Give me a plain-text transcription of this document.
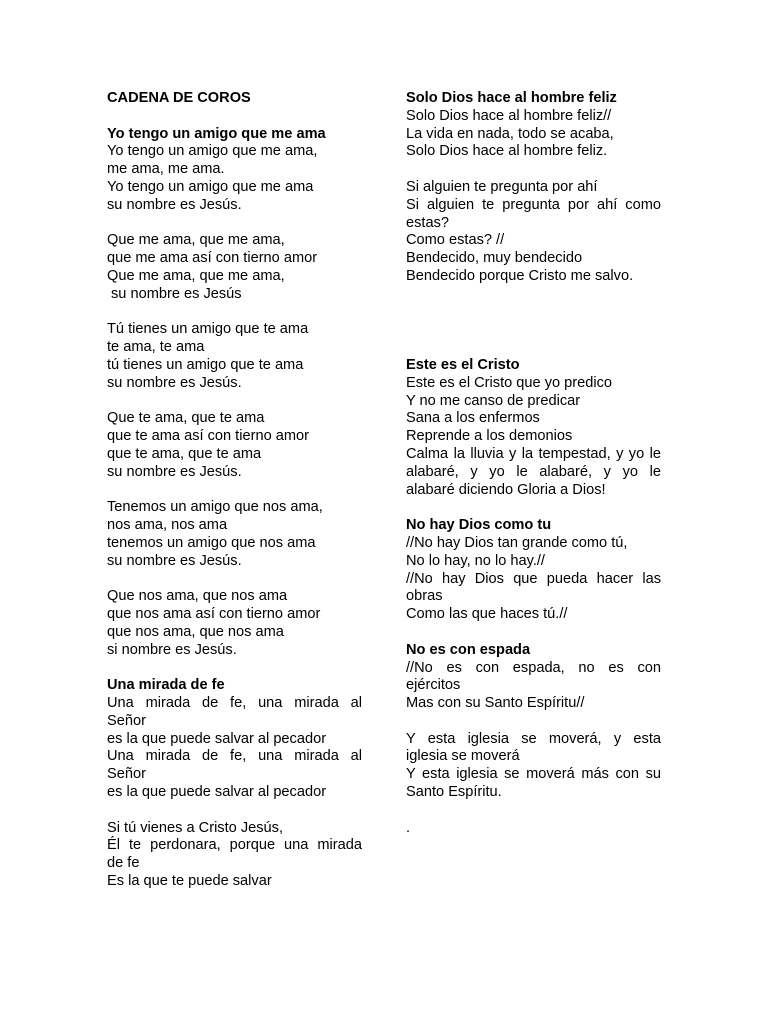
CADENA DE COROS
Yo tengo un amigo que me ama
Yo tengo un amigo que me ama,
me ama, me ama.
Yo tengo un amigo que me ama
su nombre es Jesús.
Que me ama, que me ama,
que me ama así con tierno amor
Que me ama, que me ama,
su nombre es Jesús
Tú tienes un amigo que te ama
te ama, te ama
tú tienes un amigo que te ama
su nombre es Jesús.
Que te ama, que te ama
que te ama así con tierno amor
que te ama, que te ama
su nombre es Jesús.
Tenemos un amigo que nos ama,
nos ama, nos ama
tenemos un amigo que nos ama
su nombre es Jesús.
Que nos ama, que nos ama
que nos ama así con tierno amor
que nos ama, que nos ama
si nombre es Jesús.
Una mirada de fe
Una mirada de fe, una mirada al
Señor
es la que puede salvar al pecador
Una mirada de fe, una mirada al
Señor
es la que puede salvar al pecador
Si tú vienes a Cristo Jesús,
Él te perdonara, porque una mirada
de fe
Es la que te puede salvar
Solo Dios hace al hombre feliz
Solo Dios hace al hombre feliz//
La vida en nada, todo se acaba,
Solo Dios hace al hombre feliz.
Si alguien te pregunta por ahí
Si alguien te pregunta por ahí como
estas?
Como estas? //
Bendecido, muy bendecido
Bendecido porque Cristo me salvo.
Este es el Cristo
Este es el Cristo que yo predico
Y no me canso de predicar
Sana a los enfermos
Reprende a los demonios
Calma la lluvia y la tempestad, y yo le
alabaré, y yo le alabaré, y yo le
alabaré diciendo Gloria a Dios!
No hay Dios como tu
//No hay Dios tan grande como tú,
No lo hay, no lo hay.//
//No hay Dios que pueda hacer las
obras
Como las que haces tú.//
No es con espada
//No es con espada, no es con
ejércitos
Mas con su Santo Espíritu//
Y esta iglesia se moverá, y esta
iglesia se moverá
Y esta iglesia se moverá más con su
Santo Espíritu.
.
